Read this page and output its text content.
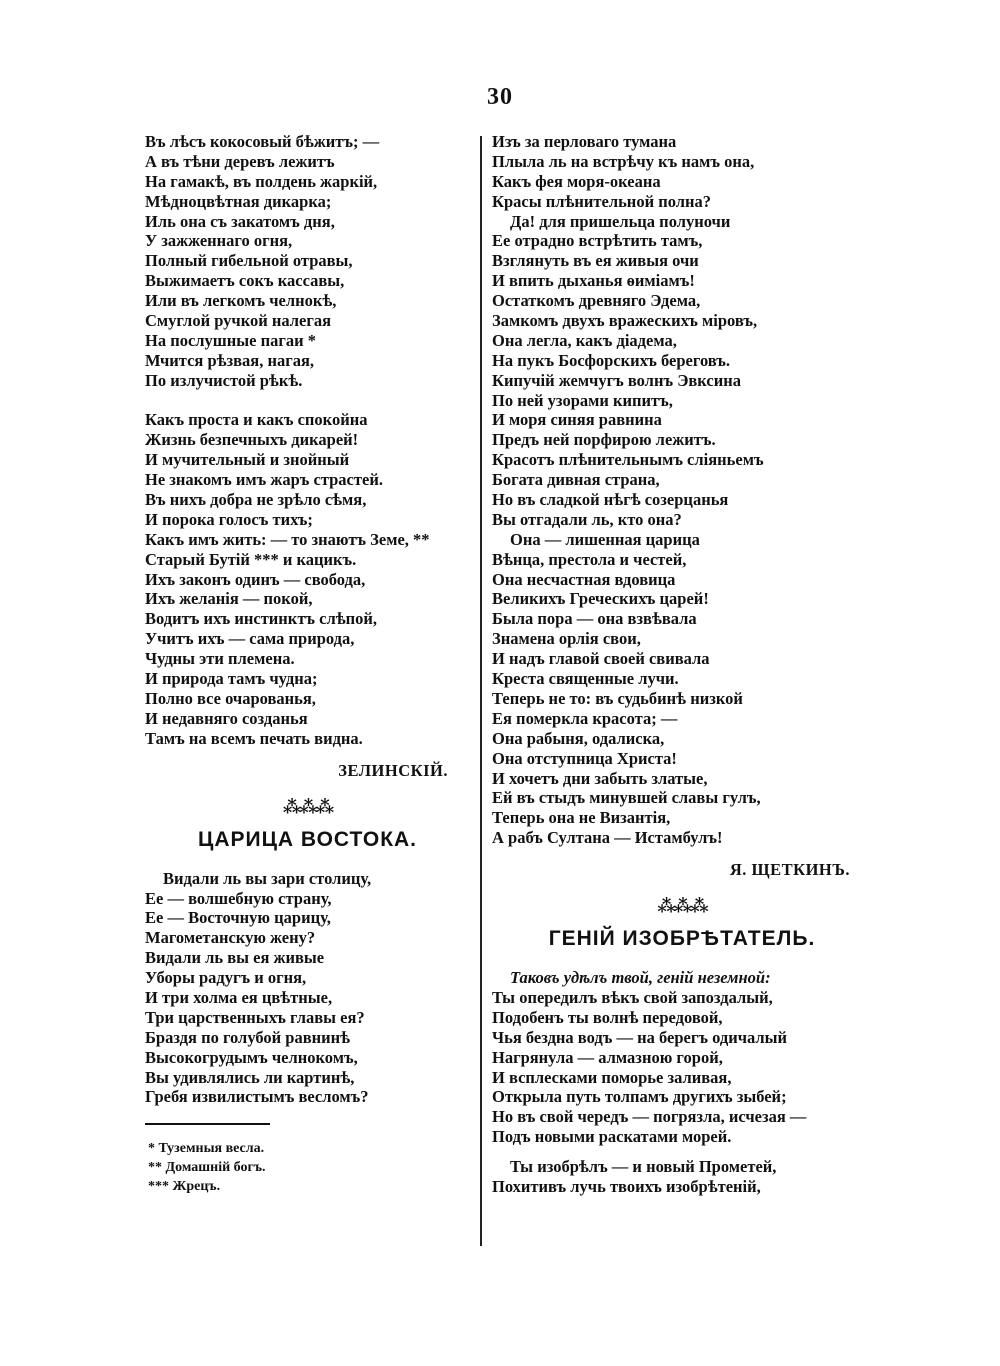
30
Въ лѣсъ кокосовый бѣжитъ; —
А въ тѣни деревъ лежитъ
На гамакѣ, въ полдень жаркій,
Мѣдноцвѣтная дикарка;
Иль она съ закатомъ дня,
У зажженнаго огня,
Полный гибельной отравы,
Выжимаетъ сокъ кассавы,
Или въ легкомъ челнокѣ,
Смуглой ручкой налегая
На послушные пагаи *
Мчится рѣзвая, нагая,
По излучистой рѣкѣ.
Какъ проста и какъ спокойна
Жизнь безпечныхъ дикарей!
И мучительный и знойный
Не знакомъ имъ жаръ страстей.
Въ нихъ добра не зрѣло сѣмя,
И порока голосъ тихъ;
Какъ имъ жить: — то знаютъ Земе, **
Старый Бутій *** и кацикъ.
Ихъ законъ одинъ — свобода,
Ихъ желанія — покой,
Водитъ ихъ инстинктъ слѣпой,
Учитъ ихъ — сама природа,
Чудны эти племена.
И природа тамъ чудна;
Полно все очарованья,
И недавняго созданья
Тамъ на всемъ печать видна.
ЗЕЛИНСКІЙ.
⁂⁂⁂
ЦАРИЦА ВОСТОКА.
Видали ль вы зари столицу,
Ее — волшебную страну,
Ее — Восточную царицу,
Магометанскую жену?
Видали ль вы ея живые
Уборы радугъ и огня,
И три холма ея цвѣтные,
Три царственныхъ главы ея?
Браздя по голубой равнинѣ
Высокогрудымъ челнокомъ,
Вы удивлялись ли картинѣ,
Гребя извилистымъ весломъ?
* Туземныя весла.
** Домашній богъ.
*** Жрецъ.
Изъ за перловаго тумана
Плыла ль на встрѣчу къ намъ она,
Какъ фея моря-океана
Красы плѣнительной полна?
Да! для пришельца полуночи
Ее отрадно встрѣтить тамъ,
Взглянуть въ ея живыя очи
И впить дыханья ѳиміамъ!
Остаткомъ древняго Эдема,
Замкомъ двухъ вражескихъ міровъ,
Она легла, какъ діадема,
На пукъ Босфорскихъ береговъ.
Кипучій жемчугъ волнъ Эвксина
По ней узорами кипитъ,
И моря синяя равнина
Предъ ней порфирою лежитъ.
Красотъ плѣнительнымъ сліяньемъ
Богата дивная страна,
Но въ сладкой нѣгѣ созерцанья
Вы отгадали ль, кто она?
Она — лишенная царица
Вѣнца, престола и честей,
Она несчастная вдовица
Великихъ Греческихъ царей!
Была пора — она взвѣвала
Знамена орлія свои,
И надъ главой своей свивала
Креста священные лучи.
Теперь не то: въ судьбинѣ низкой
Ея померкла красота; —
Она рабыня, одалиска,
Она отступница Христа!
И хочетъ дни забыть златые,
Ей въ стыдъ минувшей славы гулъ,
Теперь она не Византія,
А рабъ Султана — Истамбулъ!
Я. ЩЕТКИНЪ.
⁂⁂⁂
ГЕНІЙ ИЗОБРѢТАТЕЛЬ.
Таковъ удѣлъ твой, геній неземной:
Ты опередилъ вѣкъ свой запоздалый,
Подобенъ ты волнѣ передовой,
Чья бездна водъ — на берегъ одичалый
Нагрянула — алмазною горой,
И всплесками поморье заливая,
Открыла путь толпамъ другихъ зыбей;
Но въ свой чередъ — погрязла, исчезая —
Подъ новыми раскатами морей.
Ты изобрѣлъ — и новый Прометей,
Похитивъ лучь твоихъ изобрѣтеній,
